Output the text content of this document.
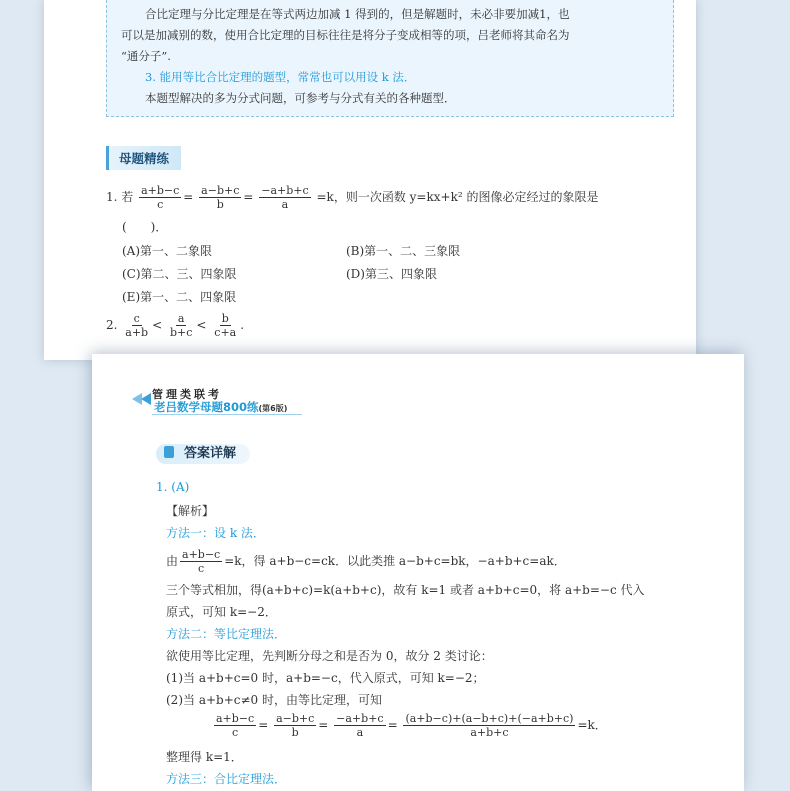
合比定理与分比定理是在等式两边加减 1 得到的，但是解题时，未必非要加减1，也

可以是加减别的数，使用合比定理的目标往往是将分子变成相等的项，吕老师将其命名为

“通分子”.

3. 能用等比合比定理的题型，常常也可以用设 k 法．

本题型解决的多为分式问题，可参考与分式有关的各种题型．

母题精练
1. 若 $\frac{a+b-c}{c} = \frac{a-b+c}{b} = \frac{-a+b+c}{a} =k$，则一次函数 y=kx+k² 的图像必定经过的象限是
(　　)．
(A)第一、二象限	(B)第一、二、三象限
(C)第二、三、四象限	(D)第三、四象限
(E)第一、二、四象限
2. $\frac{c}{a+b} < \frac{a}{b+c} < \frac{b}{c+a}$ .
管理类联考
老吕数学母题800练(第6版)
答案详解
1. (A)
【解析】
方法一：设 k 法．
由 $\frac{a+b-c}{c} =k$，得 a+b−c=ck．以此类推 a−b+c=bk，−a+b+c=ak．
三个等式相加，得(a+b+c)=k(a+b+c)，故有 k=1 或者 a+b+c=0，将 a+b=−c 代入
原式，可知 k=−2．
方法二：等比定理法．
欲使用等比定理，先判断分母之和是否为 0，故分 2 类讨论：
(1)当 a+b+c=0 时，a+b=−c，代入原式，可知 k=−2；
(2)当 a+b+c≠0 时，由等比定理，可知
$\frac{a+b-c}{c} = \frac{a-b+c}{b} = \frac{-a+b+c}{a} = \frac{(a+b-c)+(a-b+c)+(-a+b+c)}{a+b+c} =k$．
整理得 k=1．
方法三：合比定理法．
